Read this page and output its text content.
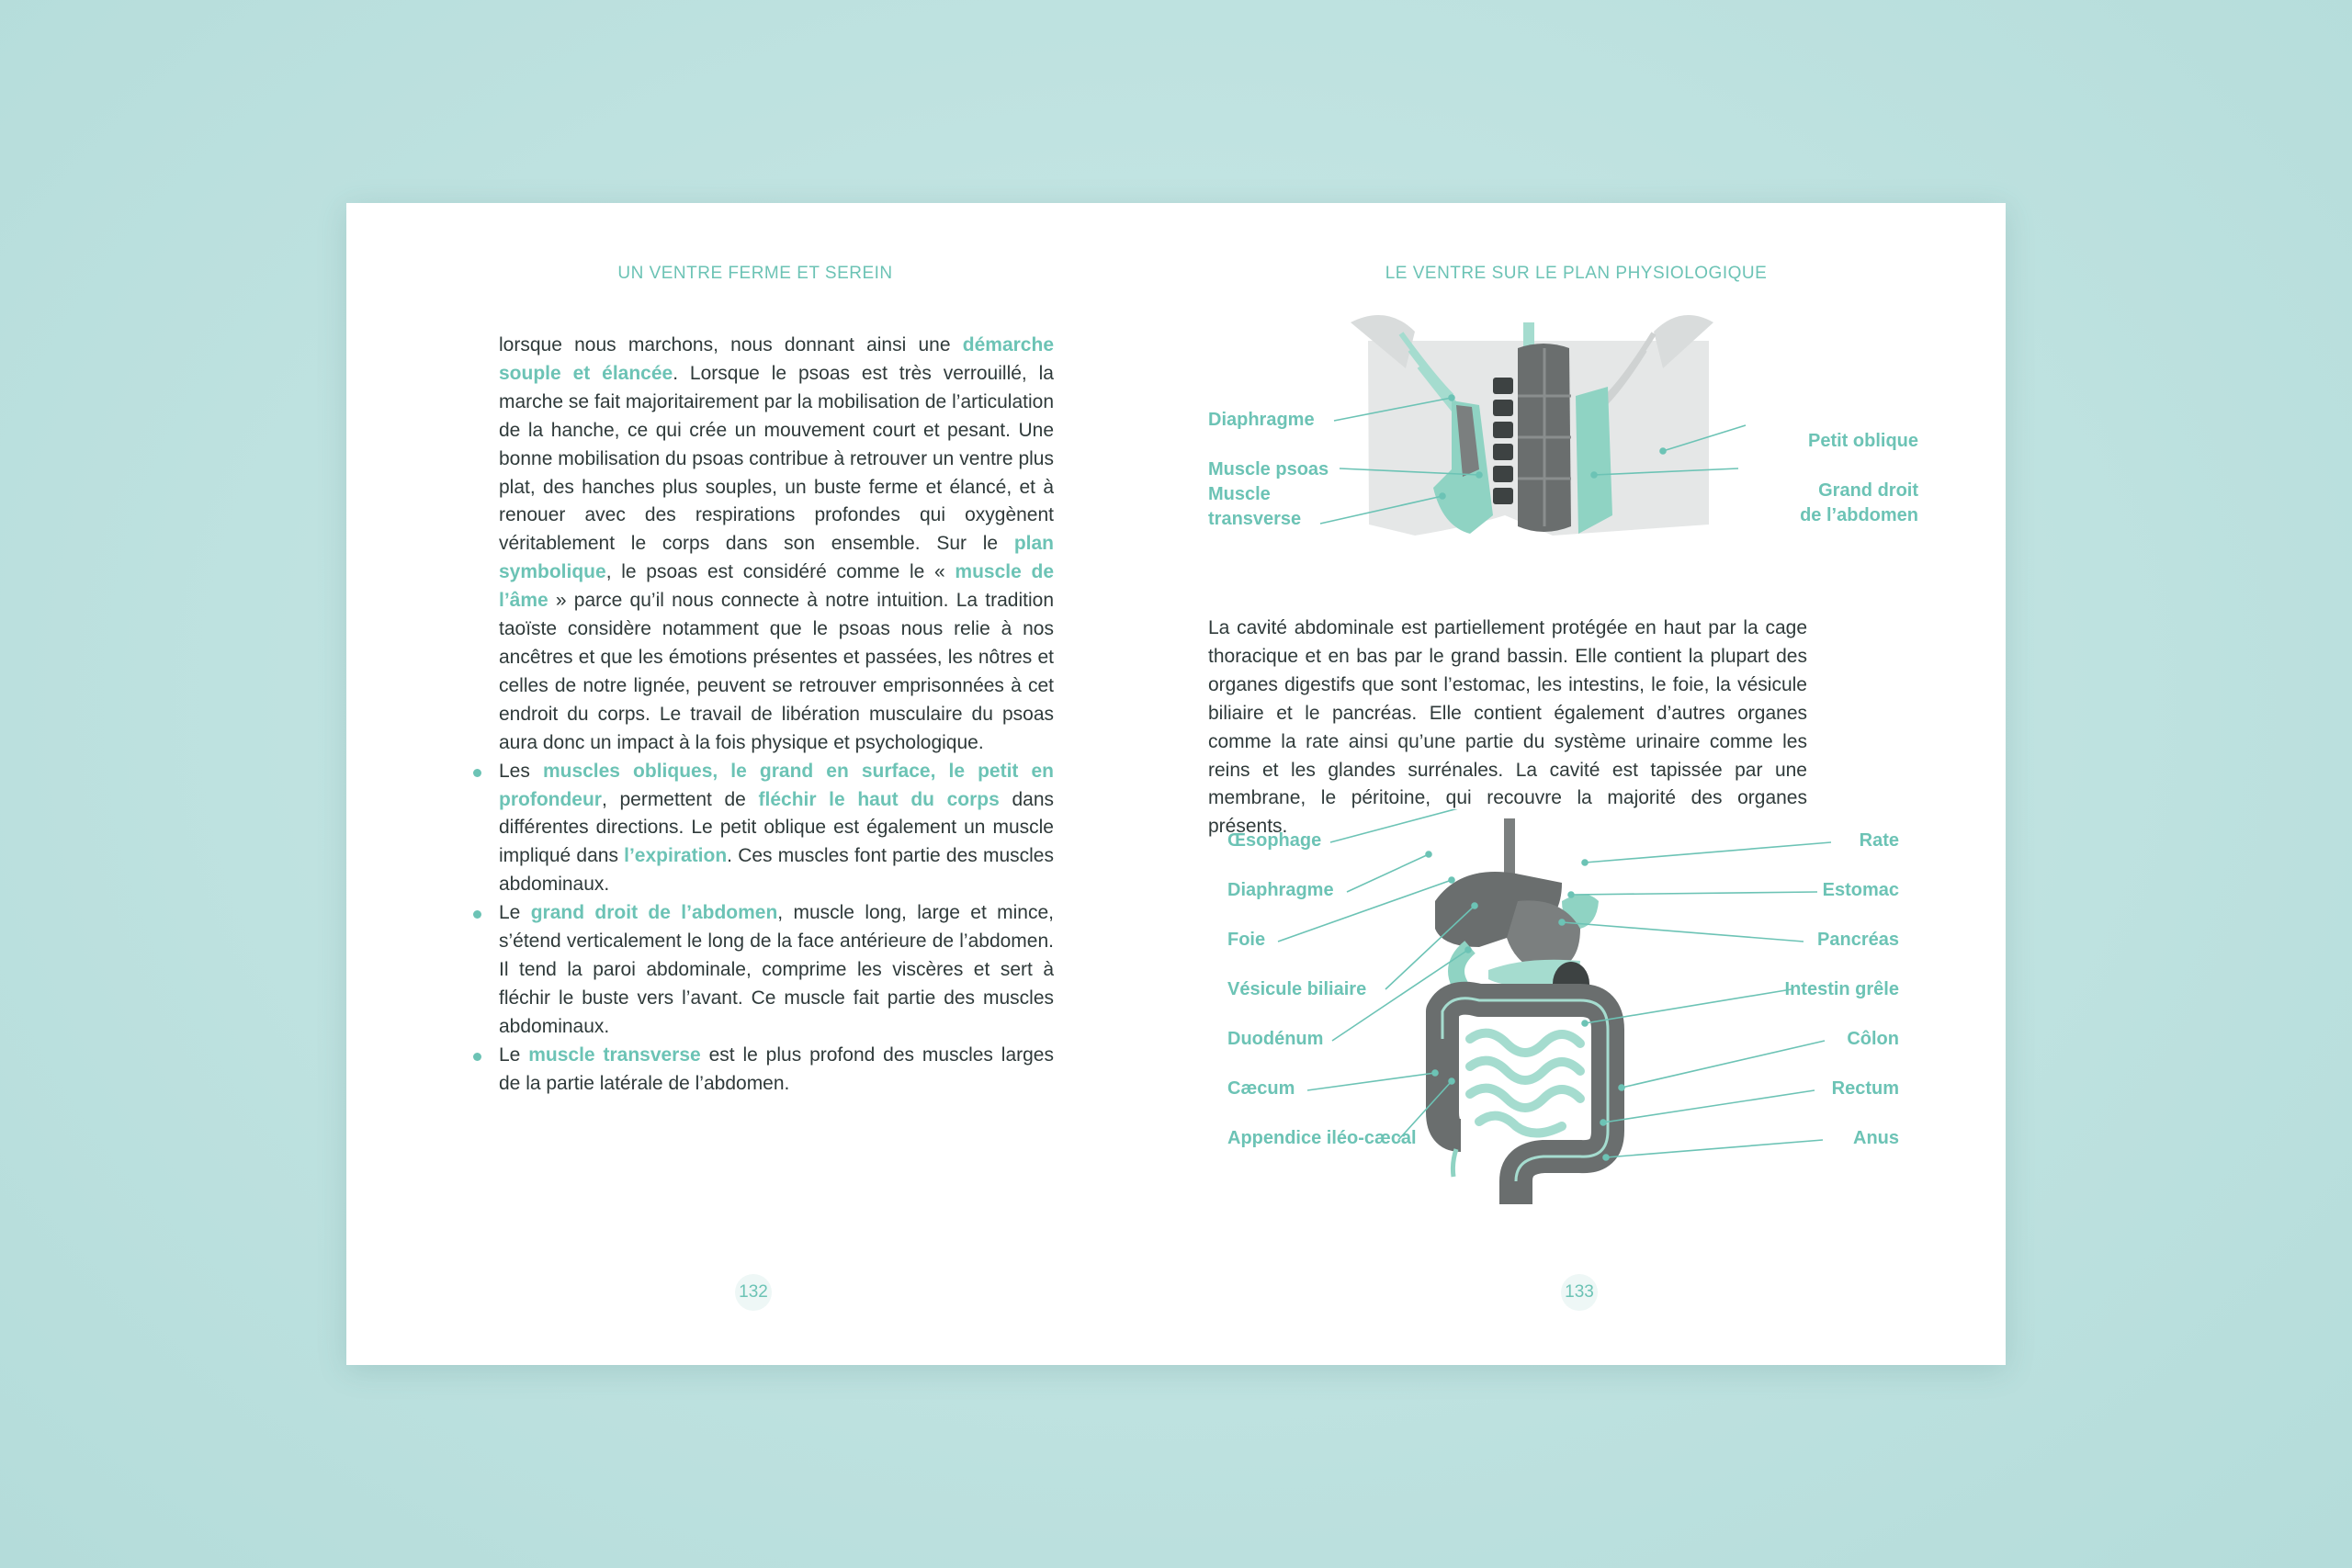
UN VENTRE FERME ET SEREIN

lorsque nous marchons, nous donnant ainsi une démarche souple et élancée. Lorsque le psoas est très verrouillé, la marche se fait majoritairement par la mobilisation de l’articulation de la hanche, ce qui crée un mouvement court et pesant. Une bonne mobilisation du psoas contribue à retrouver un ventre plus plat, des hanches plus souples, un buste ferme et élancé, et à renouer avec des respirations profondes qui oxygènent véritablement le corps dans son ensemble. Sur le plan symbolique, le psoas est considéré comme le « muscle de l’âme » parce qu’il nous connecte à notre intuition. La tradition taoïste considère notamment que le psoas nous relie à nos ancêtres et que les émotions présentes et passées, les nôtres et celles de notre lignée, peuvent se retrouver emprisonnées à cet endroit du corps. Le travail de libération musculaire du psoas aura donc un impact à la fois physique et psychologique.

Les muscles obliques, le grand en surface, le petit en profondeur, permettent de fléchir le haut du corps dans différentes directions. Le petit oblique est également un muscle impliqué dans l’expiration. Ces muscles font partie des muscles abdominaux.

Le grand droit de l’abdomen, muscle long, large et mince, s’étend verticalement le long de la face antérieure de l’abdomen. Il tend la paroi abdominale, comprime les viscères et sert à fléchir le buste vers l’avant. Ce muscle fait partie des muscles abdominaux.

Le muscle transverse est le plus profond des muscles larges de la partie latérale de l’abdomen.

132
LE VENTRE SUR LE PLAN PHYSIOLOGIQUE
Diaphragme
Muscle psoas
Muscle
transverse
Petit oblique
Grand droit
de l’abdomen
La cavité abdominale est partiellement protégée en haut par la cage thoracique et en bas par le grand bassin. Elle contient la plupart des organes digestifs que sont l’estomac, les intestins, le foie, la vésicule biliaire et le pancréas. Elle contient également d’autres organes comme la rate ainsi qu’une partie du système urinaire comme les reins et les glandes surrénales. La cavité est tapissée par une membrane, le péritoine, qui recouvre la majorité des organes présents.
Œsophage
Diaphragme
Foie
Vésicule biliaire
Duodénum
Cæcum
Appendice iléo-cæcal
Rate
Estomac
Pancréas
Intestin grêle
Côlon
Rectum
Anus
133
